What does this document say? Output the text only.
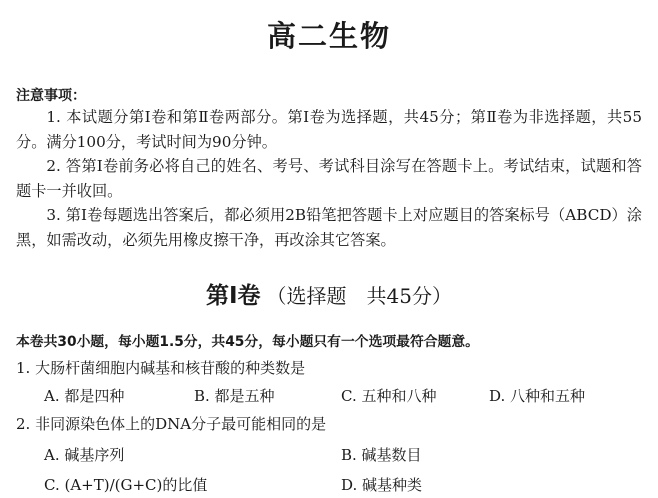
高二生物
注意事项：

1. 本试题分第Ⅰ卷和第Ⅱ卷两部分。第Ⅰ卷为选择题，共45分；第Ⅱ卷为非选择题，共55分。满分100分，考试时间为90分钟。

2. 答第Ⅰ卷前务必将自己的姓名、考号、考试科目涂写在答题卡上。考试结束，试题和答题卡一并收回。

3. 第Ⅰ卷每题选出答案后，都必须用2B铅笔把答题卡上对应题目的答案标号（ABCD）涂黑，如需改动，必须先用橡皮擦干净，再改涂其它答案。

第Ⅰ卷 （选择题　共45分）
本卷共30小题，每小题1.5分，共45分，每小题只有一个选项最符合题意。
1. 大肠杆菌细胞内碱基和核苷酸的种类数是
A. 都是四种	B. 都是五种	C. 五种和八种	D. 八种和五种
2. 非同源染色体上的DNA分子最可能相同的是
A. 碱基序列	B. 碱基数目
C. (A+T)/(G+C)的比值	D. 碱基种类
